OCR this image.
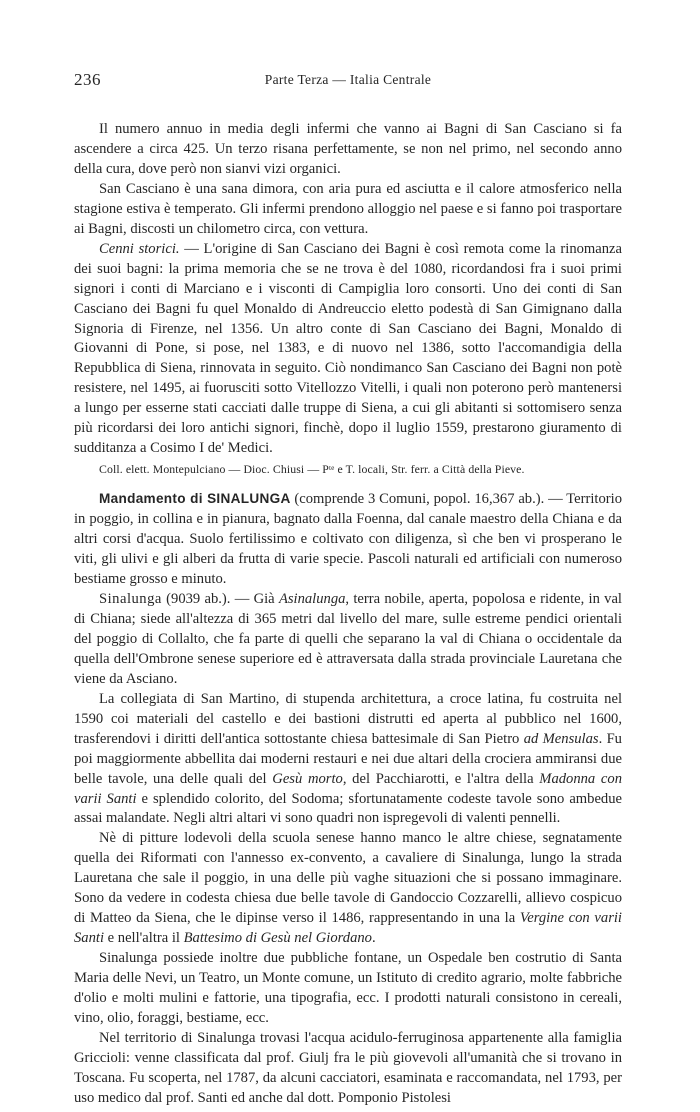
236	Parte Terza — Italia Centrale

Il numero annuo in media degli infermi che vanno ai Bagni di San Casciano si fa ascendere a circa 425. Un terzo risana perfettamente, se non nel primo, nel secondo anno della cura, dove però non sianvi vizi organici.

San Casciano è una sana dimora, con aria pura ed asciutta e il calore atmosferico nella stagione estiva è temperato. Gli infermi prendono alloggio nel paese e si fanno poi trasportare ai Bagni, discosti un chilometro circa, con vettura.

Cenni storici. — L'origine di San Casciano dei Bagni è così remota come la rinomanza dei suoi bagni: la prima memoria che se ne trova è del 1080, ricordandosi fra i suoi primi signori i conti di Marciano e i visconti di Campiglia loro consorti. Uno dei conti di San Casciano dei Bagni fu quel Monaldo di Andreuccio eletto podestà di San Gimignano dalla Signoria di Firenze, nel 1356. Un altro conte di San Casciano dei Bagni, Monaldo di Giovanni di Pone, si pose, nel 1383, e di nuovo nel 1386, sotto l'accomandigia della Repubblica di Siena, rinnovata in seguito. Ciò nondimanco San Casciano dei Bagni non potè resistere, nel 1495, ai fuorusciti sotto Vitellozzo Vitelli, i quali non poterono però mantenersi a lungo per esserne stati cacciati dalle truppe di Siena, a cui gli abitanti si sottomisero senza più ricordarsi dei loro antichi signori, finchè, dopo il luglio 1559, prestarono giuramento di sudditanza a Cosimo I de' Medici.

Coll. elett. Montepulciano — Dioc. Chiusi — Pᵗᵉ e T. locali, Str. ferr. a Città della Pieve.

Mandamento di SINALUNGA (comprende 3 Comuni, popol. 16,367 ab.). — Territorio in poggio, in collina e in pianura, bagnato dalla Foenna, dal canale maestro della Chiana e da altri corsi d'acqua. Suolo fertilissimo e coltivato con diligenza, sì che ben vi prosperano le viti, gli ulivi e gli alberi da frutta di varie specie. Pascoli naturali ed artificiali con numeroso bestiame grosso e minuto.

Sinalunga (9039 ab.). — Già Asinalunga, terra nobile, aperta, popolosa e ridente, in val di Chiana; siede all'altezza di 365 metri dal livello del mare, sulle estreme pendici orientali del poggio di Collalto, che fa parte di quelli che separano la val di Chiana o occidentale da quella dell'Ombrone senese superiore ed è attraversata dalla strada provinciale Lauretana che viene da Asciano.

La collegiata di San Martino, di stupenda architettura, a croce latina, fu costruita nel 1590 coi materiali del castello e dei bastioni distrutti ed aperta al pubblico nel 1600, trasferendovi i diritti dell'antica sottostante chiesa battesimale di San Pietro ad Mensulas. Fu poi maggiormente abbellita dai moderni restauri e nei due altari della crociera ammiransi due belle tavole, una delle quali del Gesù morto, del Pacchiarotti, e l'altra della Madonna con varii Santi e splendido colorito, del Sodoma; sfortunatamente codeste tavole sono ambedue assai malandate. Negli altri altari vi sono quadri non ispregevoli di valenti pennelli.

Nè di pitture lodevoli della scuola senese hanno manco le altre chiese, segnatamente quella dei Riformati con l'annesso ex-convento, a cavaliere di Sinalunga, lungo la strada Lauretana che sale il poggio, in una delle più vaghe situazioni che si possano immaginare. Sono da vedere in codesta chiesa due belle tavole di Gandoccio Cozzarelli, allievo cospicuo di Matteo da Siena, che le dipinse verso il 1486, rappresentando in una la Vergine con varii Santi e nell'altra il Battesimo di Gesù nel Giordano.

Sinalunga possiede inoltre due pubbliche fontane, un Ospedale ben costrutio di Santa Maria delle Nevi, un Teatro, un Monte comune, un Istituto di credito agrario, molte fabbriche d'olio e molti mulini e fattorie, una tipografia, ecc. I prodotti naturali consistono in cereali, vino, olio, foraggi, bestiame, ecc.

Nel territorio di Sinalunga trovasi l'acqua acidulo-ferruginosa appartenente alla famiglia Griccioli: venne classificata dal prof. Giulj fra le più giovevoli all'umanità che si trovano in Toscana. Fu scoperta, nel 1787, da alcuni cacciatori, esaminata e raccomandata, nel 1793, per uso medico dal prof. Santi ed anche dal dott. Pomponio Pistolesi
